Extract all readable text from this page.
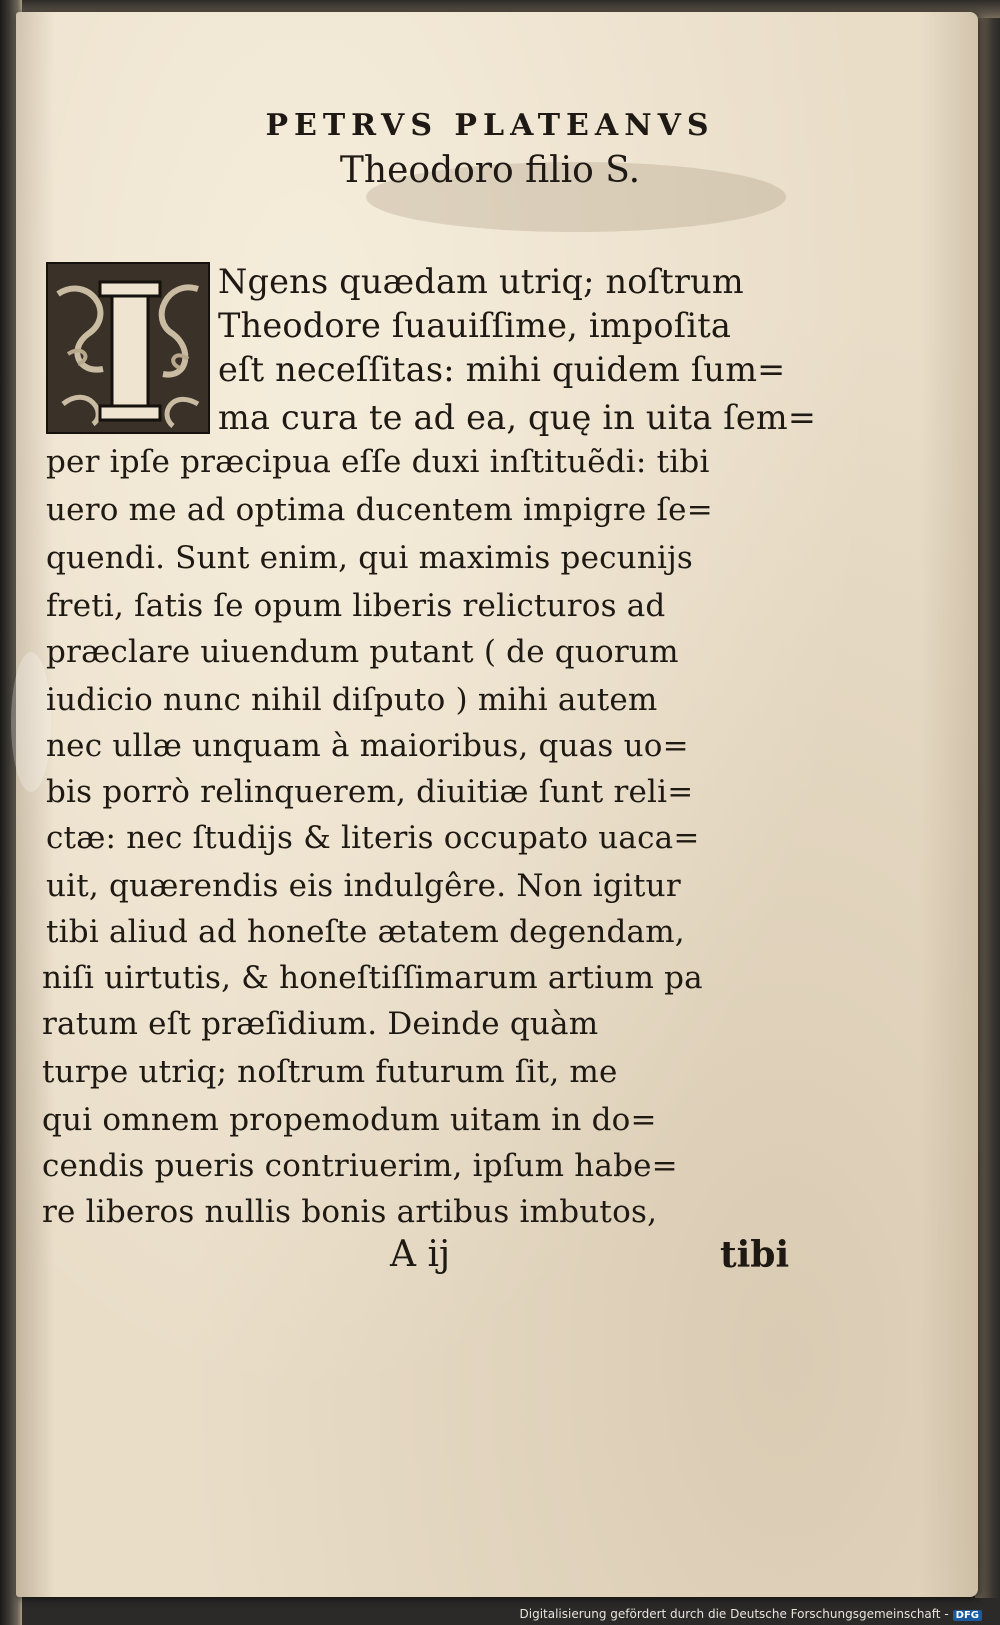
PETRVS PLATEANVS
Theodoro filio S.
Ngens quædam utriq; noſtrum
Theodore ſuauiſſime, impoſita
eſt neceſſitas: mihi quidem ſum=
ma cura te ad ea, quę in uita ſem=
per ipſe præcipua eſſe duxi inſtituẽdi: tibi
uero me ad optima ducentem impigre ſe=
quendi. Sunt enim, qui maximis pecunijs
freti, ſatis ſe opum liberis relicturos ad
præclare uiuendum putant ( de quorum
iudicio nunc nihil diſputo ) mihi autem
nec ullæ unquam à maioribus, quas uo=
bis porrò relinquerem, diuitiæ ſunt reli=
ctæ: nec ſtudijs & literis occupato uaca=
uit, quærendis eis indulgêre. Non igitur
tibi aliud ad honeſte ætatem degendam,
niſi uirtutis, & honeſtiſſimarum artium pa
ratum eſt præſidium. Deinde quàm
turpe utriq; noſtrum futurum ſit, me
qui omnem propemodum uitam in do=
cendis pueris contriuerim, ipſum habe=
re liberos nullis bonis artibus imbutos,
A ij	tibi
Digitalisierung gefördert durch die Deutsche Forschungsgemeinschaft - DFG
